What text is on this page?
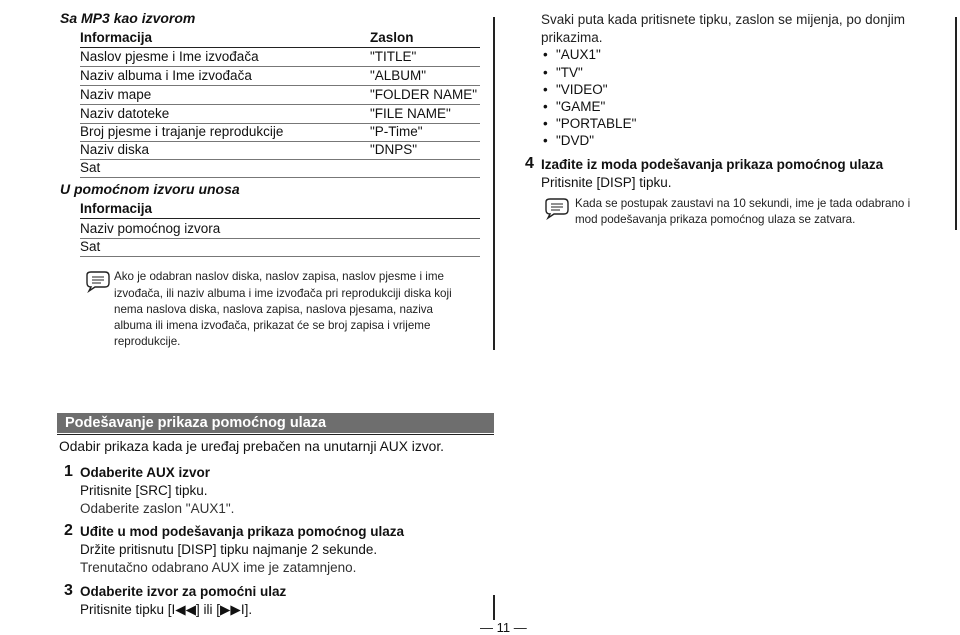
Sa MP3 kao izvorom
Informacija	Zaslon
Naslov pjesme i Ime izvođača	"TITLE"
Naziv albuma i Ime izvođača	"ALBUM"
Naziv mape	"FOLDER NAME"
Naziv datoteke	"FILE NAME"
Broj pjesme i trajanje reprodukcije	"P-Time"
Naziv diska	"DNPS"
Sat
U pomoćnom izvoru unosa
Informacija
Naziv pomoćnog izvora
Sat
Ako je odabran naslov diska, naslov zapisa, naslov pjesme i ime
izvođača, ili naziv albuma i ime izvođača pri reprodukciji diska koji
nema naslova diska, naslova zapisa, naslova pjesama, naziva
albuma ili imena izvođača, prikazat će se broj zapisa i vrijeme
reprodukcije.
Podešavanje prikaza pomoćnog ulaza
Odabir prikaza kada je uređaj prebačen na unutarnji AUX izvor.
1 Odaberite AUX izvor
Pritisnite [SRC] tipku.
Odaberite zaslon "AUX1".
2 Uđite u mod podešavanja prikaza pomoćnog ulaza
Držite pritisnutu [DISP] tipku najmanje 2 sekunde.
Trenutačno odabrano AUX ime je zatamnjeno.
3 Odaberite izvor za pomoćni ulaz
Pritisnite tipku [I◀◀] ili [▶▶I].
— 11 —
Svaki puta kada pritisnete tipku, zaslon se mijenja, po donjim
prikazima.
• "AUX1"
• "TV"
• "VIDEO"
• "GAME"
• "PORTABLE"
• "DVD"
4 Izađite iz moda podešavanja prikaza pomoćnog ulaza
Pritisnite [DISP] tipku.
Kada se postupak zaustavi na 10 sekundi, ime je tada odabrano i
mod podešavanja prikaza pomoćnog ulaza se zatvara.
